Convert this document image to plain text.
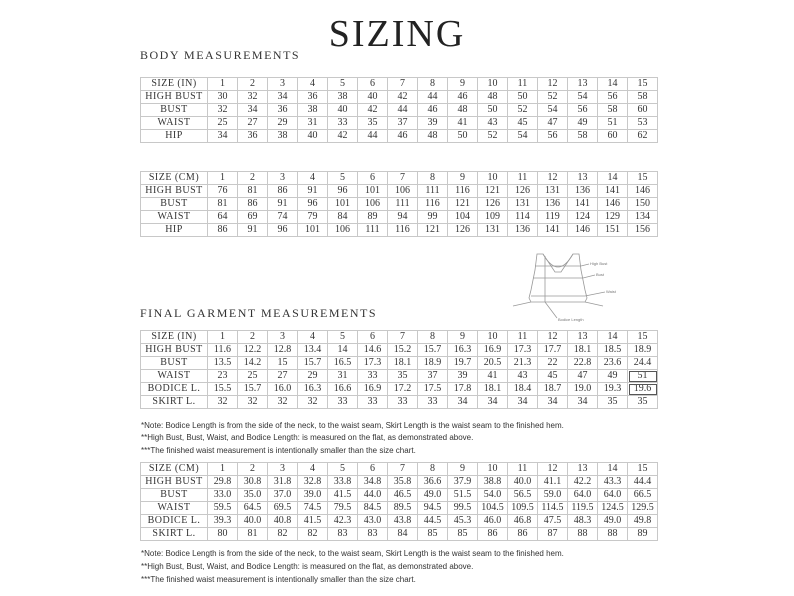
SIZING
BODY MEASUREMENTS
SIZE (IN)	1	2	3	4	5	6	7	8	9	10	11	12	13	14	15
HIGH BUST	30	32	34	36	38	40	42	44	46	48	50	52	54	56	58
BUST	32	34	36	38	40	42	44	46	48	50	52	54	56	58	60
WAIST	25	27	29	31	33	35	37	39	41	43	45	47	49	51	53
HIP	34	36	38	40	42	44	46	48	50	52	54	56	58	60	62
SIZE (CM)	1	2	3	4	5	6	7	8	9	10	11	12	13	14	15
HIGH BUST	76	81	86	91	96	101	106	111	116	121	126	131	136	141	146
BUST	81	86	91	96	101	106	111	116	121	126	131	136	141	146	150
WAIST	64	69	74	79	84	89	94	99	104	109	114	119	124	129	134
HIP	86	91	96	101	106	111	116	121	126	131	136	141	146	151	156
High Bust
Bust
Waist
Bodice Length
FINAL GARMENT MEASUREMENTS
SIZE (IN)	1	2	3	4	5	6	7	8	9	10	11	12	13	14	15
HIGH BUST	11.6	12.2	12.8	13.4	14	14.6	15.2	15.7	16.3	16.9	17.3	17.7	18.1	18.5	18.9
BUST	13.5	14.2	15	15.7	16.5	17.3	18.1	18.9	19.7	20.5	21.3	22	22.8	23.6	24.4
WAIST	23	25	27	29	31	33	35	37	39	41	43	45	47	49	51
BODICE L.	15.5	15.7	16.0	16.3	16.6	16.9	17.2	17.5	17.8	18.1	18.4	18.7	19.0	19.3	19.6
SKIRT L.	32	32	32	32	33	33	33	33	34	34	34	34	34	35	35

*Note: Bodice Length is from the side of the neck, to the waist seam, Skirt Length is the waist seam to the finished hem.

**High Bust, Bust, Waist, and Bodice Length: is measured on the flat, as demonstrated above.

***The finished waist measurement is intentionally smaller than the size chart.

SIZE (CM)	1	2	3	4	5	6	7	8	9	10	11	12	13	14	15
HIGH BUST	29.8	30.8	31.8	32.8	33.8	34.8	35.8	36.6	37.9	38.8	40.0	41.1	42.2	43.3	44.4
BUST	33.0	35.0	37.0	39.0	41.5	44.0	46.5	49.0	51.5	54.0	56.5	59.0	64.0	64.0	66.5
WAIST	59.5	64.5	69.5	74.5	79.5	84.5	89.5	94.5	99.5	104.5	109.5	114.5	119.5	124.5	129.5
BODICE L.	39.3	40.0	40.8	41.5	42.3	43.0	43.8	44.5	45.3	46.0	46.8	47.5	48.3	49.0	49.8
SKIRT L.	80	81	82	82	83	83	84	85	85	86	86	87	88	88	89

*Note: Bodice Length is from the side of the neck, to the waist seam, Skirt Length is the waist seam to the finished hem.

**High Bust, Bust, Waist, and Bodice Length: is measured on the flat, as demonstrated above.

***The finished waist measurement is intentionally smaller than the size chart.
